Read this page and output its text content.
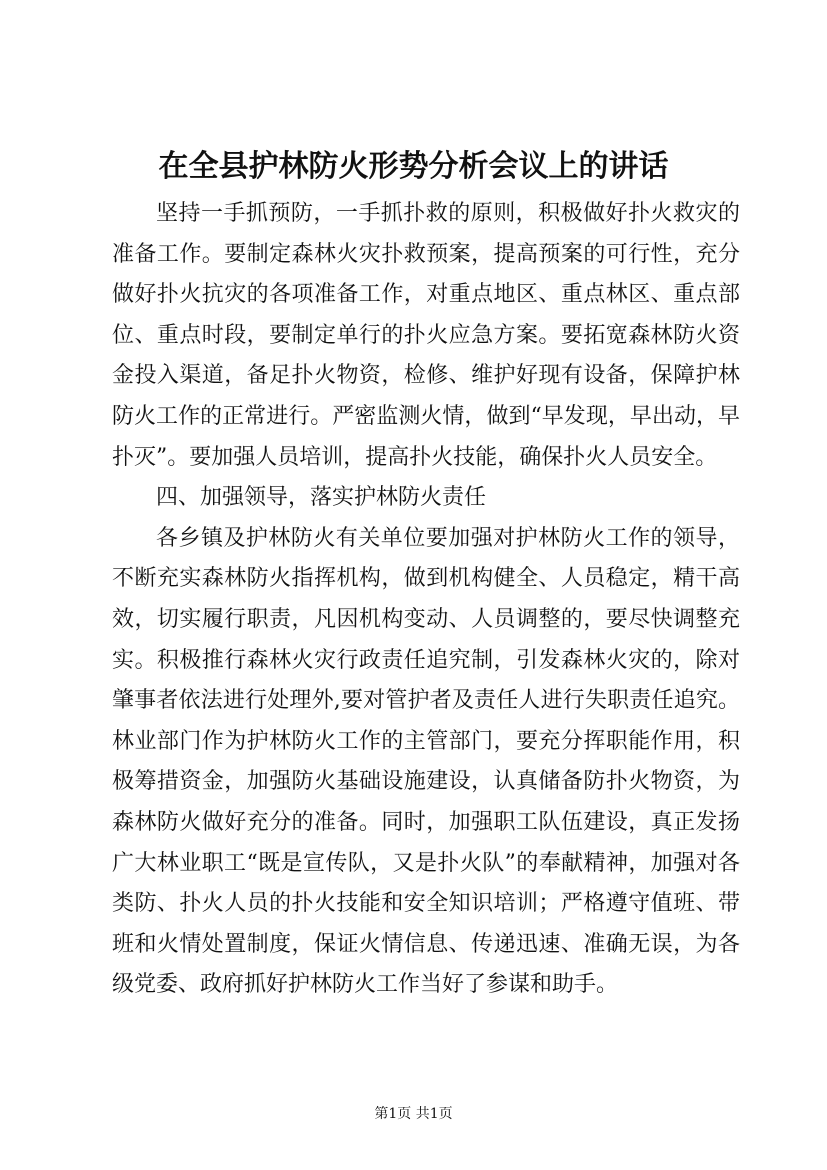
在全县护林防火形势分析会议上的讲话

坚持一手抓预防，一手抓扑救的原则，积极做好扑火救灾的准备工作。要制定森林火灾扑救预案，提高预案的可行性，充分做好扑火抗灾的各项准备工作，对重点地区、重点林区、重点部位、重点时段，要制定单行的扑火应急方案。要拓宽森林防火资金投入渠道，备足扑火物资，检修、维护好现有设备，保障护林防火工作的正常进行。严密监测火情，做到“早发现，早出动，早扑灭”。要加强人员培训，提高扑火技能，确保扑火人员安全。

四、加强领导，落实护林防火责任

各乡镇及护林防火有关单位要加强对护林防火工作的领导，不断充实森林防火指挥机构，做到机构健全、人员稳定，精干高效，切实履行职责，凡因机构变动、人员调整的，要尽快调整充实。积极推行森林火灾行政责任追究制，引发森林火灾的，除对肇事者依法进行处理外,要对管护者及责任人进行失职责任追究。林业部门作为护林防火工作的主管部门，要充分挥职能作用，积极筹措资金，加强防火基础设施建设，认真储备防扑火物资，为森林防火做好充分的准备。同时，加强职工队伍建设，真正发扬广大林业职工“既是宣传队，又是扑火队”的奉献精神，加强对各类防、扑火人员的扑火技能和安全知识培训；严格遵守值班、带班和火情处置制度，保证火情信息、传递迅速、准确无误，为各级党委、政府抓好护林防火工作当好了参谋和助手。

第1页 共1页
